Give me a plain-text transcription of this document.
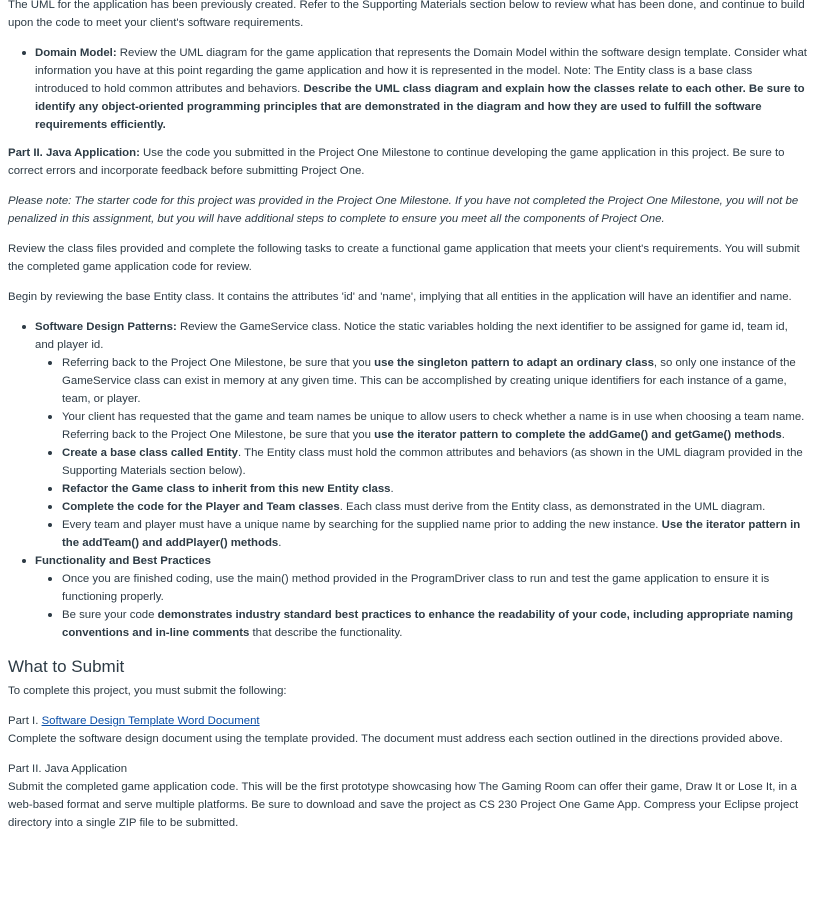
The UML for the application has been previously created. Refer to the Supporting Materials section below to review what has been done, and continue to build upon the code to meet your client's software requirements.

Domain Model: Review the UML diagram for the game application that represents the Domain Model within the software design template. Consider what information you have at this point regarding the game application and how it is represented in the model. Note: The Entity class is a base class introduced to hold common attributes and behaviors. Describe the UML class diagram and explain how the classes relate to each other. Be sure to identify any object-oriented programming principles that are demonstrated in the diagram and how they are used to fulfill the software requirements efficiently.

Part II. Java Application: Use the code you submitted in the Project One Milestone to continue developing the game application in this project. Be sure to correct errors and incorporate feedback before submitting Project One.

Please note: The starter code for this project was provided in the Project One Milestone. If you have not completed the Project One Milestone, you will not be penalized in this assignment, but you will have additional steps to complete to ensure you meet all the components of Project One.

Review the class files provided and complete the following tasks to create a functional game application that meets your client's requirements. You will submit the completed game application code for review.

Begin by reviewing the base Entity class. It contains the attributes 'id' and 'name', implying that all entities in the application will have an identifier and name.

Software Design Patterns: Review the GameService class. Notice the static variables holding the next identifier to be assigned for game id, team id, and player id.
Referring back to the Project One Milestone, be sure that you use the singleton pattern to adapt an ordinary class, so only one instance of the GameService class can exist in memory at any given time. This can be accomplished by creating unique identifiers for each instance of a game, team, or player.
Your client has requested that the game and team names be unique to allow users to check whether a name is in use when choosing a team name. Referring back to the Project One Milestone, be sure that you use the iterator pattern to complete the addGame() and getGame() methods.
Create a base class called Entity. The Entity class must hold the common attributes and behaviors (as shown in the UML diagram provided in the Supporting Materials section below).
Refactor the Game class to inherit from this new Entity class.
Complete the code for the Player and Team classes. Each class must derive from the Entity class, as demonstrated in the UML diagram.
Every team and player must have a unique name by searching for the supplied name prior to adding the new instance. Use the iterator pattern in the addTeam() and addPlayer() methods.
Functionality and Best Practices
Once you are finished coding, use the main() method provided in the ProgramDriver class to run and test the game application to ensure it is functioning properly.
Be sure your code demonstrates industry standard best practices to enhance the readability of your code, including appropriate naming conventions and in-line comments that describe the functionality.
What to Submit

To complete this project, you must submit the following:

Part I. Software Design Template Word Document

Complete the software design document using the template provided. The document must address each section outlined in the directions provided above.

Part II. Java Application

Submit the completed game application code. This will be the first prototype showcasing how The Gaming Room can offer their game, Draw It or Lose It, in a web-based format and serve multiple platforms. Be sure to download and save the project as CS 230 Project One Game App. Compress your Eclipse project directory into a single ZIP file to be submitted.
